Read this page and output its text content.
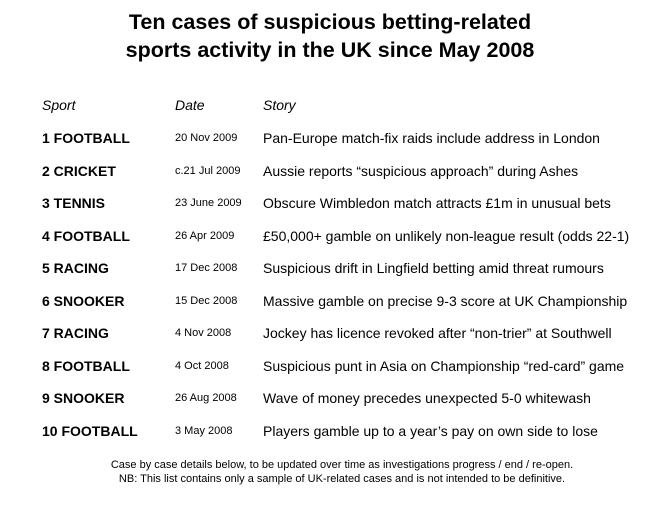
Ten cases of suspicious betting-related
sports activity in the UK since May 2008
Sport	Date	Story
1 FOOTBALL	20 Nov 2009 Pan-Europe match-fix raids include address in London
2 CRICKET	c.21 Jul 2009 Aussie reports “suspicious approach” during Ashes
3 TENNIS	23 June 2009 Obscure Wimbledon match attracts £1m in unusual bets
4 FOOTBALL	26 Apr 2009 £50,000+ gamble on unlikely non-league result (odds 22-1)
5 RACING	17 Dec 2008 Suspicious drift in Lingfield betting amid threat rumours
6 SNOOKER	15 Dec 2008 Massive gamble on precise 9-3 score at UK Championship
7 RACING	4 Nov 2008 Jockey has licence revoked after “non-trier” at Southwell
8 FOOTBALL	4 Oct 2008 Suspicious punt in Asia on Championship “red-card” game
9 SNOOKER	26 Aug 2008 Wave of money precedes unexpected 5-0 whitewash
10 FOOTBALL	3 May 2008 Players gamble up to a year’s pay on own side to lose
Case by case details below, to be updated over time as investigations progress / end / re-open.
NB: This list contains only a sample of UK-related cases and is not intended to be definitive.
